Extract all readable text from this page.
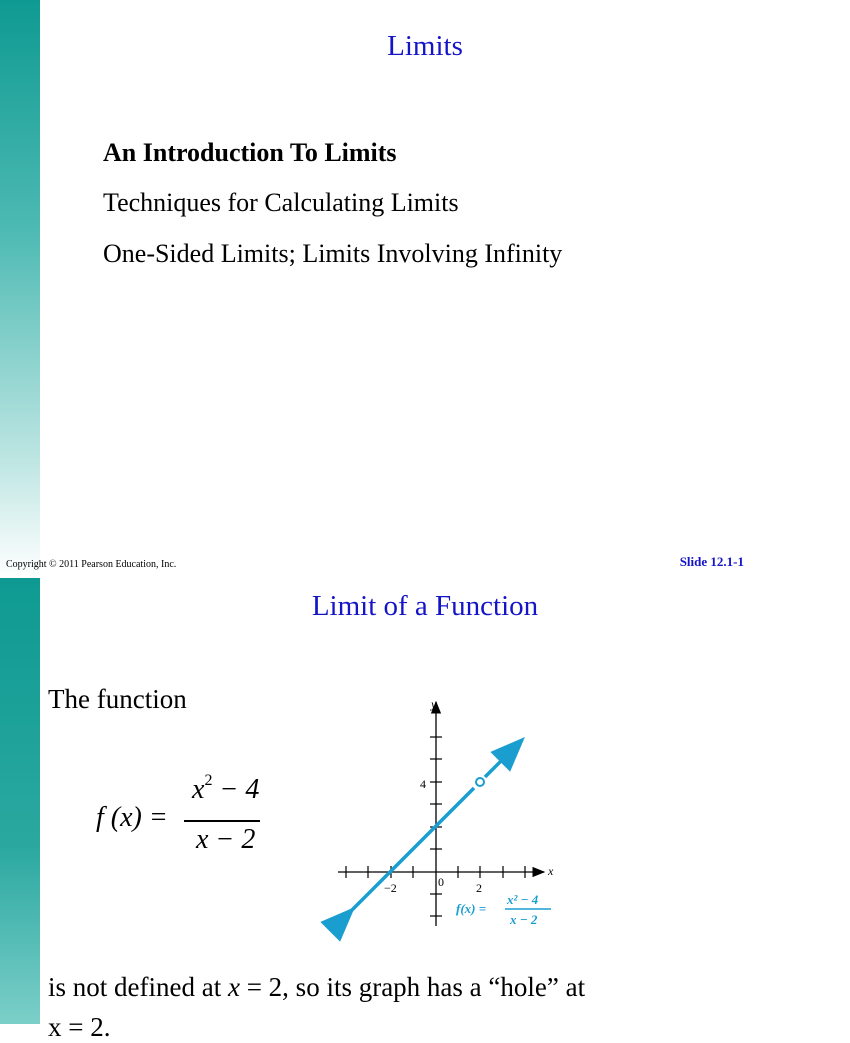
Limits
An Introduction To Limits
Techniques for Calculating Limits
One-Sided Limits; Limits Involving Infinity
Copyright © 2011 Pearson Education, Inc.	Slide 12.1-1
Limit of a Function
The function
f (x) =
$x^2 - 4$
x − 2
y
x
−2	0	2
4
f(x) =
x² − 4
x − 2
is not defined at x = 2, so its graph has a “hole” at
x = 2.
